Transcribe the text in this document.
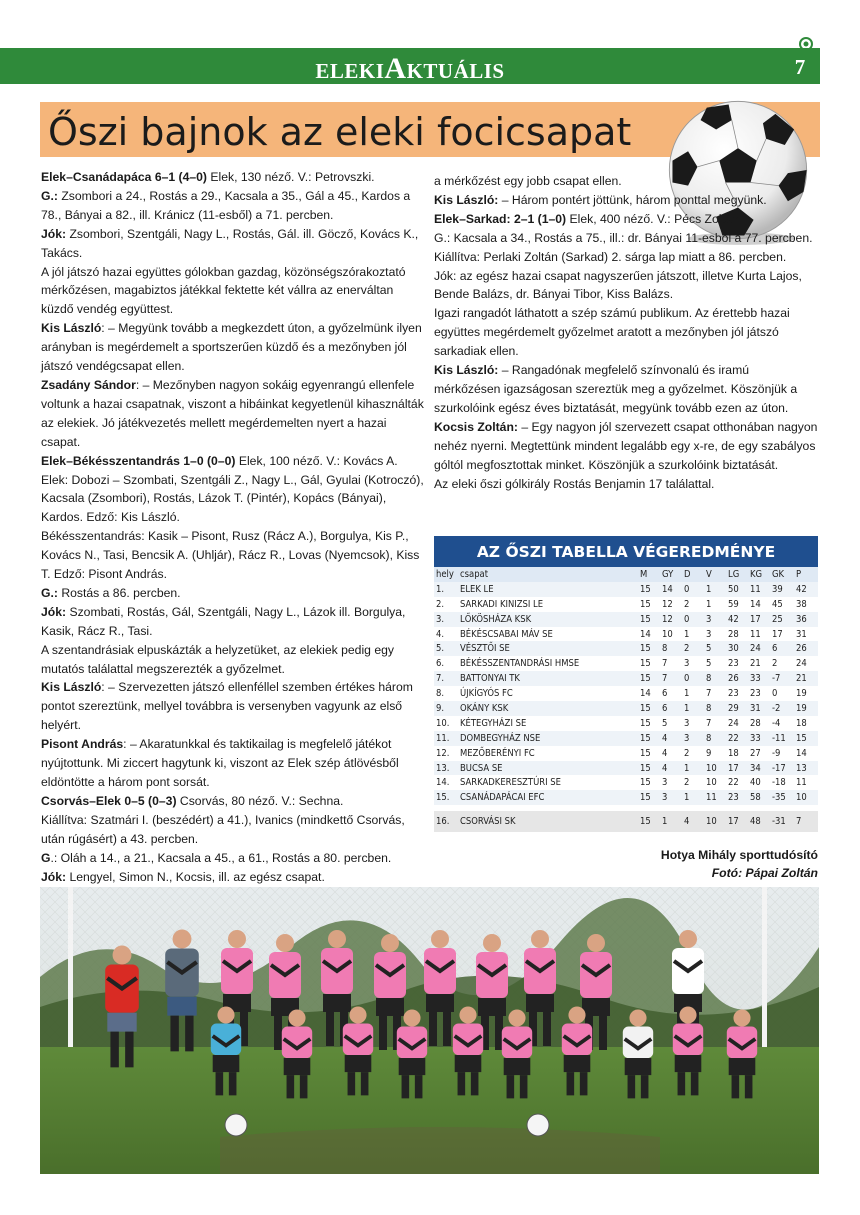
ELEKIAKTUÁLIS	7
Őszi bajnok az eleki focicsapat

Elek–Csanádapáca 6–1 (4–0) Elek, 130 néző. V.: Petrovszki.

G.: Zsombori a 24., Rostás a 29., Kacsala a 35., Gál a 45., Kardos a 78., Bányai a 82., ill. Kránicz (11-esből) a 71. percben.

Jók: Zsombori, Szentgáli, Nagy L., Rostás, Gál. ill. Göcző, Kovács K., Takács.

A jól játszó hazai együttes gólokban gazdag, közönségszórakoztató mérkőzésen, magabiztos játékkal fektette két vállra az enerváltan küzdő vendég együttest.

Kis László: – Megyünk tovább a megkezdett úton, a győzelmünk ilyen arányban is megérdemelt a sportszerűen küzdő és a mezőnyben jól játszó vendégcsapat ellen.

Zsadány Sándor: – Mezőnyben nagyon sokáig egyenrangú ellenfele voltunk a hazai csapatnak, viszont a hibáinkat kegyetlenül kihasználták az elekiek. Jó játékvezetés mellett megérdemelten nyert a hazai csapat.

Elek–Békésszentandrás 1–0 (0–0) Elek, 100 néző. V.: Kovács A.

Elek: Dobozi – Szombati, Szentgáli Z., Nagy L., Gál, Gyulai (Kotroczó), Kacsala (Zsombori), Rostás, Lázok T. (Pintér), Kopács (Bányai), Kardos. Edző: Kis László.

Békésszentandrás: Kasik – Pisont, Rusz (Rácz A.), Borgulya, Kis P., Kovács N., Tasi, Bencsik A. (Uhljár), Rácz R., Lovas (Nyemcsok), Kiss T. Edző: Pisont András.

G.: Rostás a 86. percben.

Jók: Szombati, Rostás, Gál, Szentgáli, Nagy L., Lázok ill. Borgulya, Kasik, Rácz R., Tasi.

A szentandrásiak elpuskázták a helyzetüket, az elekiek pedig egy mutatós találattal megszerezték a győzelmet.

Kis László: – Szervezetten játszó ellenféllel szemben értékes három pontot szereztünk, mellyel továbbra is versenyben vagyunk az első helyért.

Pisont András: – Akaratunkkal és taktikailag is megfelelő játékot nyújtottunk. Mi ziccert hagytunk ki, viszont az Elek szép átlövésből eldöntötte a három pont sorsát.

Csorvás–Elek 0–5 (0–3) Csorvás, 80 néző. V.: Sechna.

Kiállítva: Szatmári I. (beszédért) a 41.), Ivanics (mindkettő Csorvás, után rúgásért) a 43. percben.

G.: Oláh a 14., a 21., Kacsala a 45., a 61., Rostás a 80. percben.

Jók: Lengyel, Simon N., Kocsis, ill. az egész csapat.

a mérkőzést egy jobb csapat ellen.

Kis László: – Három pontért jöttünk, három ponttal megyünk.

Elek–Sarkad: 2–1 (1–0) Elek, 400 néző. V.: Pécs Zoltán

G.: Kacsala a 34., Rostás a 75., ill.: dr. Bányai 11-esből a 77. percben.

Kiállítva: Perlaki Zoltán (Sarkad) 2. sárga lap miatt a 86. percben.

Jók: az egész hazai csapat nagyszerűen játszott, illetve Kurta Lajos, Bende Balázs, dr. Bányai Tibor, Kiss Balázs.

Igazi rangadót láthatott a szép számú publikum. Az érettebb hazai együttes megérdemelt győzelmet aratott a mezőnyben jól játszó sarkadiak ellen.

Kis László: – Rangadónak megfelelő színvonalú és iramú mérkőzésen igazságosan szereztük meg a győzelmet. Köszönjük a szurkolóink egész éves biztatását, megyünk tovább ezen az úton.

Kocsis Zoltán: – Egy nagyon jól szervezett csapat otthonában nagyon nehéz nyerni. Megtettünk mindent legalább egy x-re, de egy szabályos góltól megfosztottak minket. Köszönjük a szurkolóink biztatását.

Az eleki őszi gólkirály Rostás Benjamin 17 találattal.

AZ ŐSZI TABELLA VÉGEREDMÉNYE
hely	csapat	M	GY	D	V	LG	KG	GK	P
1.	ELEK LE	15	14	0	1	50	11	39	42
2.	SARKADI KINIZSI LE	15	12	2	1	59	14	45	38
3.	LŐKÖSHÁZA KSK	15	12	0	3	42	17	25	36
4.	BÉKÉSCSABAI MÁV SE	14	10	1	3	28	11	17	31
5.	VÉSZTŐI SE	15	8	2	5	30	24	6	26
6.	BÉKÉSSZENTANDRÁSI HMSE	15	7	3	5	23	21	2	24
7.	BATTONYAI TK	15	7	0	8	26	33	-7	21
8.	ÚJKÍGYÓS FC	14	6	1	7	23	23	0	19
9.	OKÁNY KSK	15	6	1	8	29	31	-2	19
10.	KÉTEGYHÁZI SE	15	5	3	7	24	28	-4	18
11.	DOMBEGYHÁZ NSE	15	4	3	8	22	33	-11	15
12.	MEZŐBERÉNYI FC	15	4	2	9	18	27	-9	14
13.	BUCSA SE	15	4	1	10	17	34	-17	13
14.	SARKADKERESZTÚRI SE	15	3	2	10	22	40	-18	11
15.	CSANÁDAPÁCAI EFC	15	3	1	11	23	58	-35	10

16.	CSORVÁSI SK	15	1	4	10	17	48	-31	7
Hotya Mihály sporttudósító
Fotó: Pápai Zoltán
